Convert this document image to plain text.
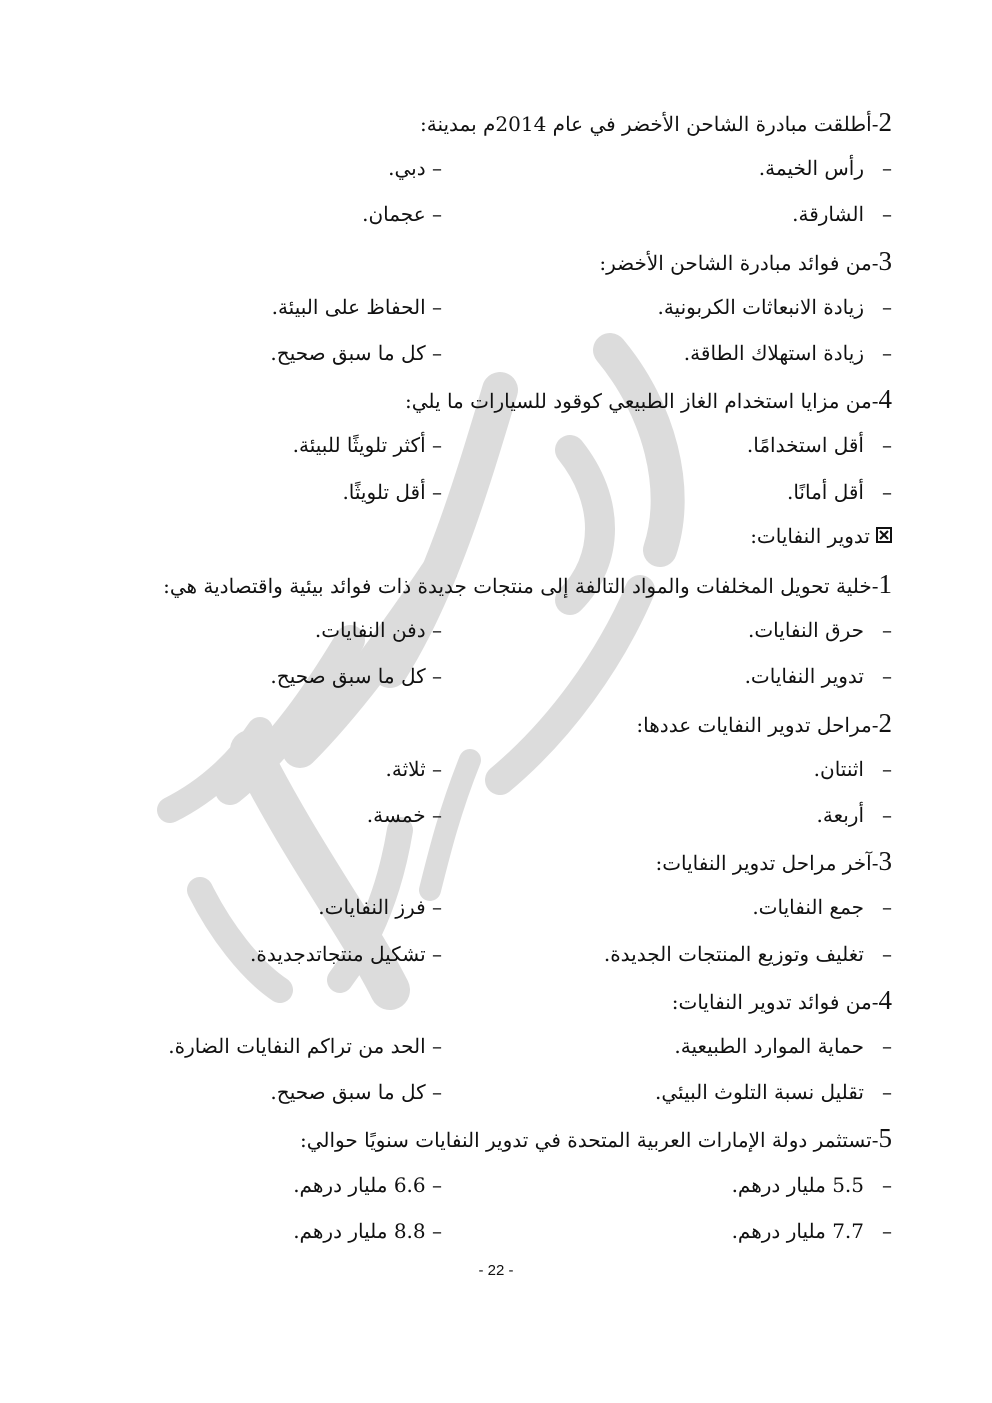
2-أطلقت مبادرة الشاحن الأخضر في عام 2014م بمدينة:
–رأس الخيمة.
– دبي.
–الشارقة.
– عجمان.
3-من فوائد مبادرة الشاحن الأخضر:
–زيادة الانبعاثات الكربونية.
– الحفاظ على البيئة.
–زيادة استهلاك الطاقة.
– كل ما سبق صحيح.
4-من مزايا استخدام الغاز الطبيعي كوقود للسيارات ما يلي:
–أقل استخدامًا.
– أكثر تلويثًا للبيئة.
–أقل أمانًا.
– أقل تلويثًا.
تدوير النفايات:
1-خلية تحويل المخلفات والمواد التالفة إلى منتجات جديدة ذات فوائد بيئية واقتصادية هي:
–حرق النفايات.
– دفن النفايات.
–تدوير النفايات.
– كل ما سبق صحيح.
2-مراحل تدوير النفايات عددها:
–اثنتان.
– ثلاثة.
–أربعة.
– خمسة.
3-آخر مراحل تدوير النفايات:
–جمع النفايات.
– فرز النفايات.
–تغليف وتوزيع المنتجات الجديدة.
– تشكيل منتجاتدجديدة.
4-من فوائد تدوير النفايات:
–حماية الموارد الطبيعية.
– الحد من تراكم النفايات الضارة.
–تقليل نسبة التلوث البيئي.
– كل ما سبق صحيح.
5-تستثمر دولة الإمارات العربية المتحدة في تدوير النفايات سنويًا حوالي:
–5.5 مليار درهم.
– 6.6 مليار درهم.
–7.7 مليار درهم.
– 8.8 مليار درهم.
- 22 -
